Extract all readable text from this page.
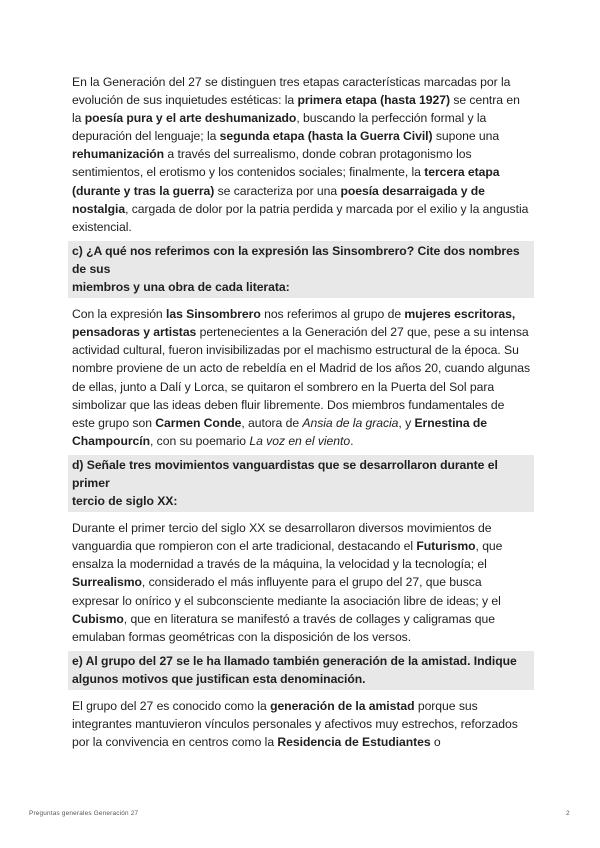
En la Generación del 27 se distinguen tres etapas características marcadas por la evolución de sus inquietudes estéticas: la primera etapa (hasta 1927) se centra en la poesía pura y el arte deshumanizado, buscando la perfección formal y la depuración del lenguaje; la segunda etapa (hasta la Guerra Civil) supone una rehumanización a través del surrealismo, donde cobran protagonismo los sentimientos, el erotismo y los contenidos sociales; finalmente, la tercera etapa (durante y tras la guerra) se caracteriza por una poesía desarraigada y de nostalgia, cargada de dolor por la patria perdida y marcada por el exilio y la angustia existencial.

c) ¿A qué nos referimos con la expresión las Sinsombrero? Cite dos nombres de sus
miembros y una obra de cada literata:

Con la expresión las Sinsombrero nos referimos al grupo de mujeres escritoras, pensadoras y artistas pertenecientes a la Generación del 27 que, pese a su intensa actividad cultural, fueron invisibilizadas por el machismo estructural de la época. Su nombre proviene de un acto de rebeldía en el Madrid de los años 20, cuando algunas de ellas, junto a Dalí y Lorca, se quitaron el sombrero en la Puerta del Sol para simbolizar que las ideas deben fluir libremente. Dos miembros fundamentales de este grupo son Carmen Conde, autora de Ansia de la gracia, y Ernestina de Champourcín, con su poemario La voz en el viento.

d) Señale tres movimientos vanguardistas que se desarrollaron durante el primer
tercio de siglo XX:

Durante el primer tercio del siglo XX se desarrollaron diversos movimientos de vanguardia que rompieron con el arte tradicional, destacando el Futurismo, que ensalza la modernidad a través de la máquina, la velocidad y la tecnología; el Surrealismo, considerado el más influyente para el grupo del 27, que busca expresar lo onírico y el subconsciente mediante la asociación libre de ideas; y el Cubismo, que en literatura se manifestó a través de collages y caligramas que emulaban formas geométricas con la disposición de los versos.

e) Al grupo del 27 se le ha llamado también generación de la amistad. Indique algunos motivos que justifican esta denominación.

El grupo del 27 es conocido como la generación de la amistad porque sus integrantes mantuvieron vínculos personales y afectivos muy estrechos, reforzados por la convivencia en centros como la Residencia de Estudiantes o

Preguntas generales Generación 27	2
